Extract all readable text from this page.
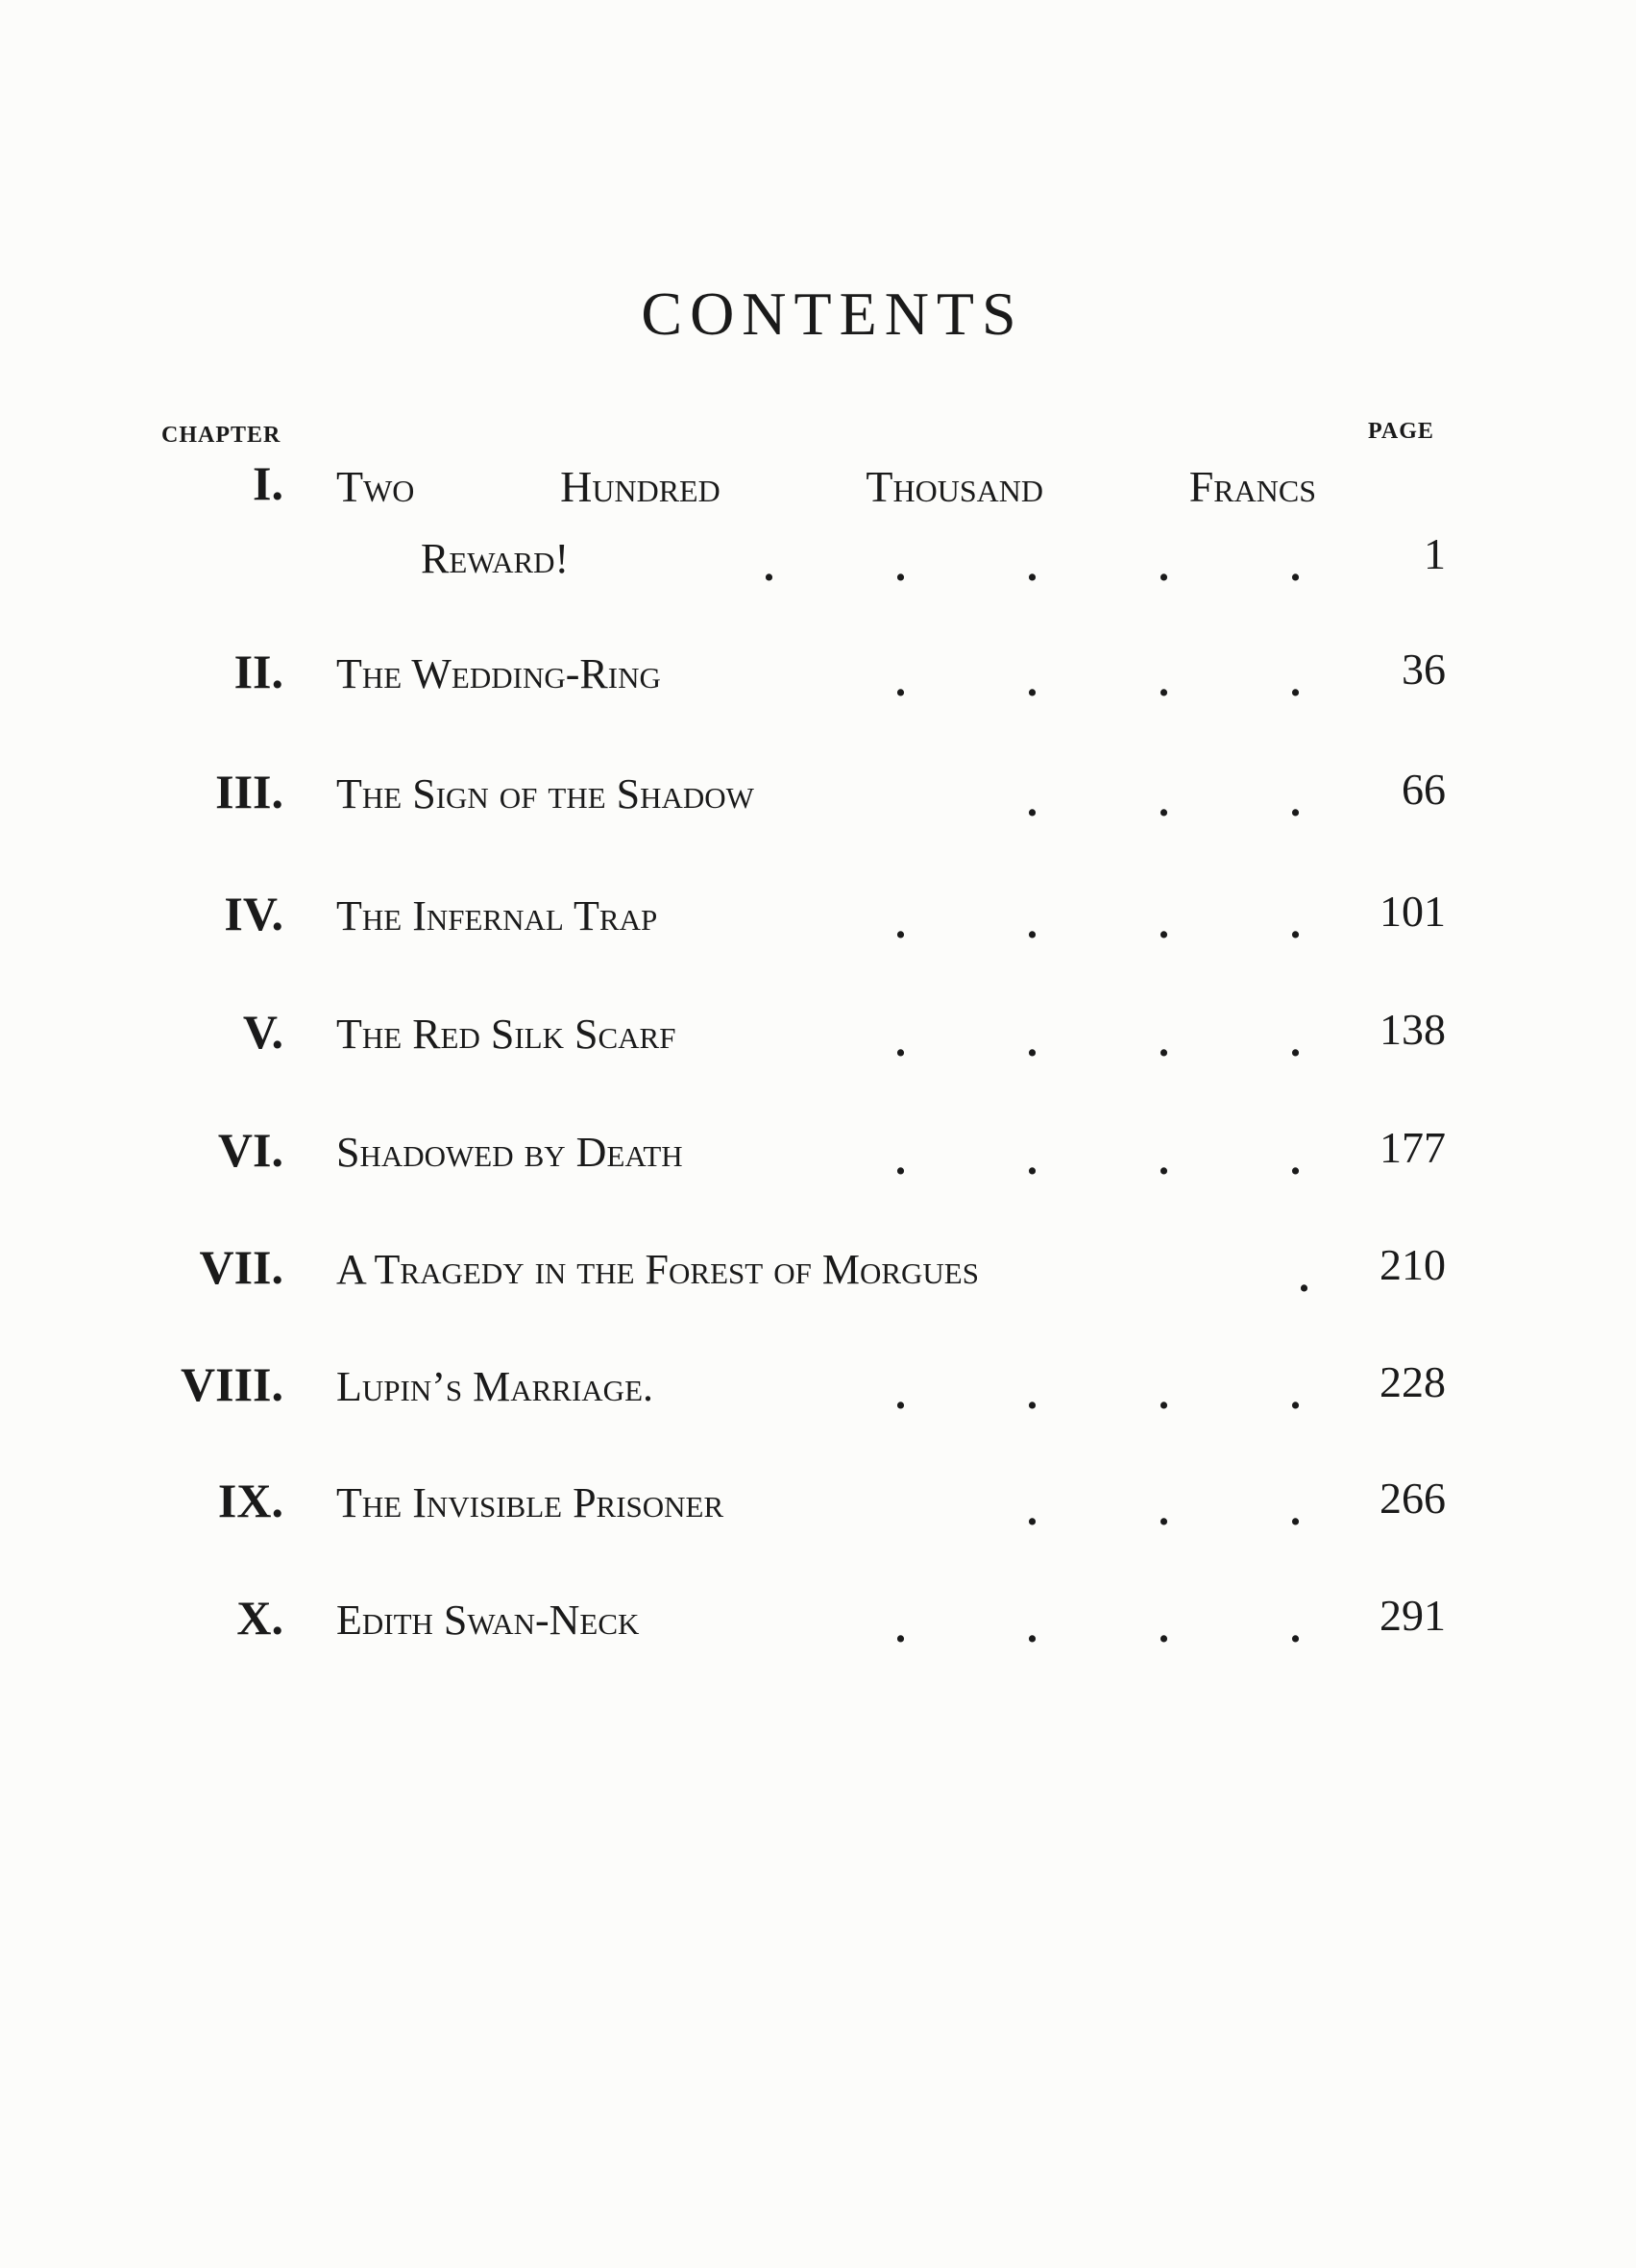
CONTENTS
CHAPTER	PAGE
I. Two	Hundred	Thousand	Francs
Reward!	.	.	.	.	.	1
II. The Wedding-Ring	.	.	.	. 36
III. The Sign of the Shadow	.	.	. 66
IV. The Infernal Trap	.	.	.	. 101
V. The Red Silk Scarf	.	.	.	. 138
VI. Shadowed by Death	.	.	.	. 177
VII. A Tragedy in the Forest of Morgues	. 210
VIII. Lupin’s Marriage.	.	.	.	. 228
IX. The Invisible Prisoner	.	.	. 266
X. Edith Swan-Neck	.	.	.	. 291
